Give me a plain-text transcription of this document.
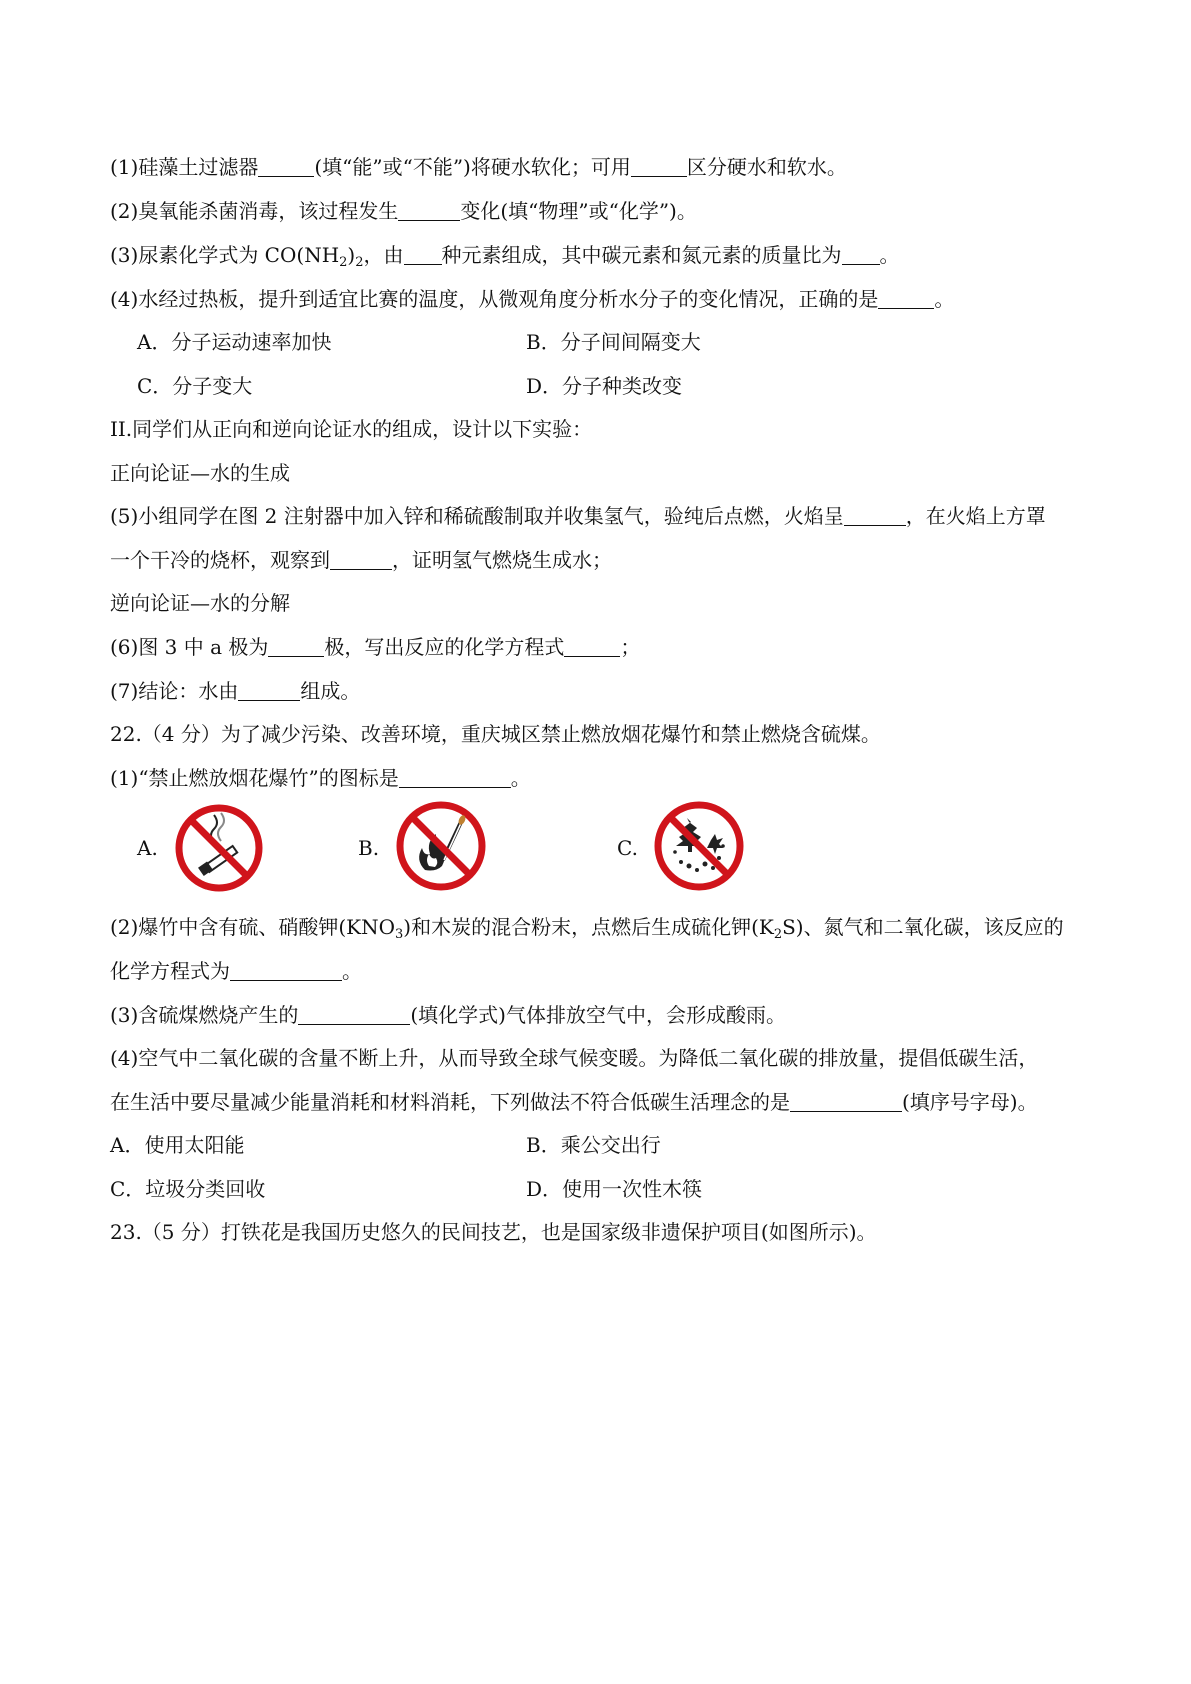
(1)硅藻土过滤器	(填“能”或“不能”)将硬水软化；可用	区分硬水和软水。
(2)臭氧能杀菌消毒，该过程发生	变化(填“物理”或“化学”)。
(3)尿素化学式为 $CO(NH_2)_2$，由 种元素组成，其中碳元素和氮元素的质量比为 。
(4)水经过热板，提升到适宜比赛的温度，从微观角度分析水分子的变化情况，正确的是	。
A．分子运动速率加快	B．分子间间隔变大
C．分子变大	D．分子种类改变
II.同学们从正向和逆向论证水的组成，设计以下实验：
正向论证—水的生成
(5)小组同学在图 2 注射器中加入锌和稀硫酸制取并收集氢气，验纯后点燃，火焰呈	，在火焰上方罩
一个干冷的烧杯，观察到	，证明氢气燃烧生成水；
逆向论证—水的分解
(6)图 3 中 a 极为	极，写出反应的化学方程式	；
(7)结论：水由	组成。
22.（4 分）为了减少污染、改善环境，重庆城区禁止燃放烟花爆竹和禁止燃烧含硫煤。
(1)“禁止燃放烟花爆竹”的图标是	。
A.	B.	C.
(2)爆竹中含有硫、硝酸钾$(KNO_3)$和木炭的混合粉末，点燃后生成硫化钾$(K_2S)$、氮气和二氧化碳，该反应的
化学方程式为	。
(3)含硫煤燃烧产生的	(填化学式)气体排放空气中，会形成酸雨。
(4)空气中二氧化碳的含量不断上升，从而导致全球气候变暖。为降低二氧化碳的排放量，提倡低碳生活，
在生活中要尽量减少能量消耗和材料消耗，下列做法不符合低碳生活理念的是	(填序号字母)。
A．使用太阳能	B．乘公交出行
C．垃圾分类回收	D．使用一次性木筷
23.（5 分）打铁花是我国历史悠久的民间技艺，也是国家级非遗保护项目(如图所示)。
